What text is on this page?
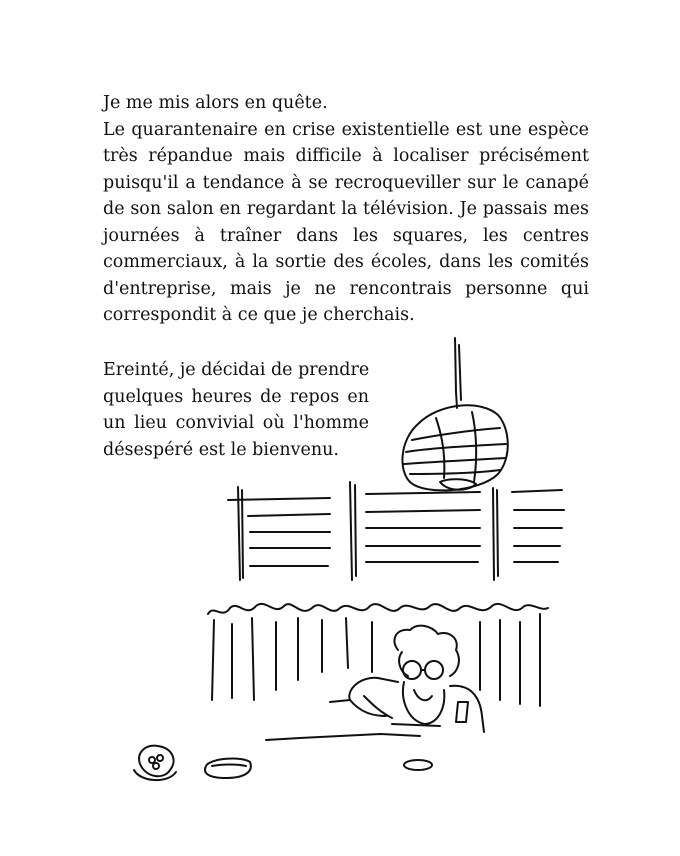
Je me mis alors en quête.
Le quarantenaire en crise existentielle est une espèce
très répandue mais difficile à localiser précisément
puisqu'il a tendance à se recroqueviller sur le canapé
de son salon en regardant la télévision. Je passais mes
journées à traîner dans les squares, les centres
commerciaux, à la sortie des écoles, dans les comités
d'entreprise, mais je ne rencontrais personne qui
correspondit à ce que je cherchais.
Ereinté, je décidai de prendre
quelques heures de repos en
un lieu convivial où l'homme
désespéré est le bienvenu.
